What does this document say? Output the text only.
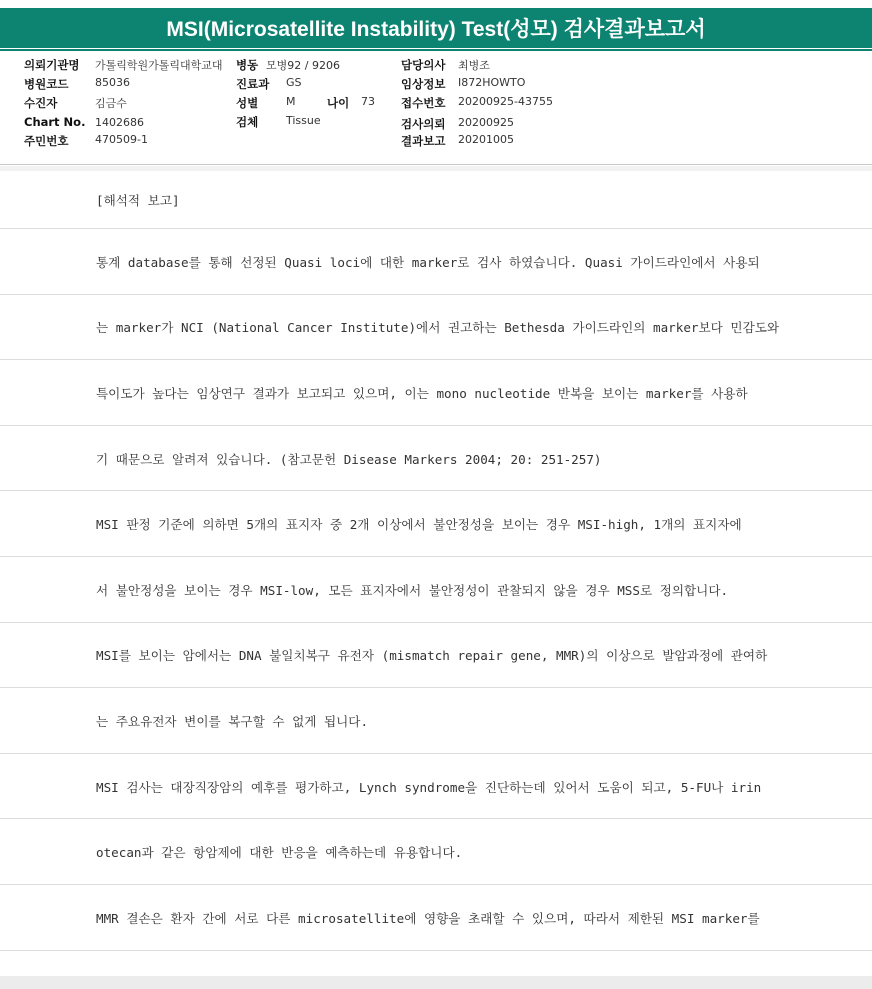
MSI(Microsatellite Instability) Test(성모) 검사결과보고서
의뢰기관명 가톨릭학원가톨릭대학교대 병동 모병92 / 9206	담당의사 최병조
병원코드 85036	진료과 GS	임상정보 I872HOWTO
수진자	김금수	성별	M	나이 73 접수번호 20200925-43755
Chart No. 1402686	검체	Tissue	검사의뢰 20200925
주민번호 470509-1	결과보고 20201005
[해석적 보고]
통계 database를 통해 선정된 Quasi loci에 대한 marker로 검사 하였습니다. Quasi 가이드라인에서 사용되
는 marker가 NCI (National Cancer Institute)에서 권고하는 Bethesda 가이드라인의 marker보다 민감도와
특이도가 높다는 임상연구 결과가 보고되고 있으며, 이는 mono nucleotide 반복을 보이는 marker를 사용하
기 때문으로 알려져 있습니다. (참고문헌 Disease Markers 2004; 20: 251-257)
MSI 판정 기준에 의하면 5개의 표지자 중 2개 이상에서 불안정성을 보이는 경우 MSI-high, 1개의 표지자에
서 불안정성을 보이는 경우 MSI-low, 모든 표지자에서 불안정성이 관찰되지 않을 경우 MSS로 정의합니다.
MSI를 보이는 암에서는 DNA 불일치복구 유전자 (mismatch repair gene, MMR)의 이상으로 발암과정에 관여하
는 주요유전자 변이를 복구할 수 없게 됩니다.
MSI 검사는 대장직장암의 예후를 평가하고, Lynch syndrome을 진단하는데 있어서 도움이 되고, 5-FU나 irin
otecan과 같은 항암제에 대한 반응을 예측하는데 유용합니다.
MMR 결손은 환자 간에 서로 다른 microsatellite에 영향을 초래할 수 있으며, 따라서 제한된 MSI marker를
